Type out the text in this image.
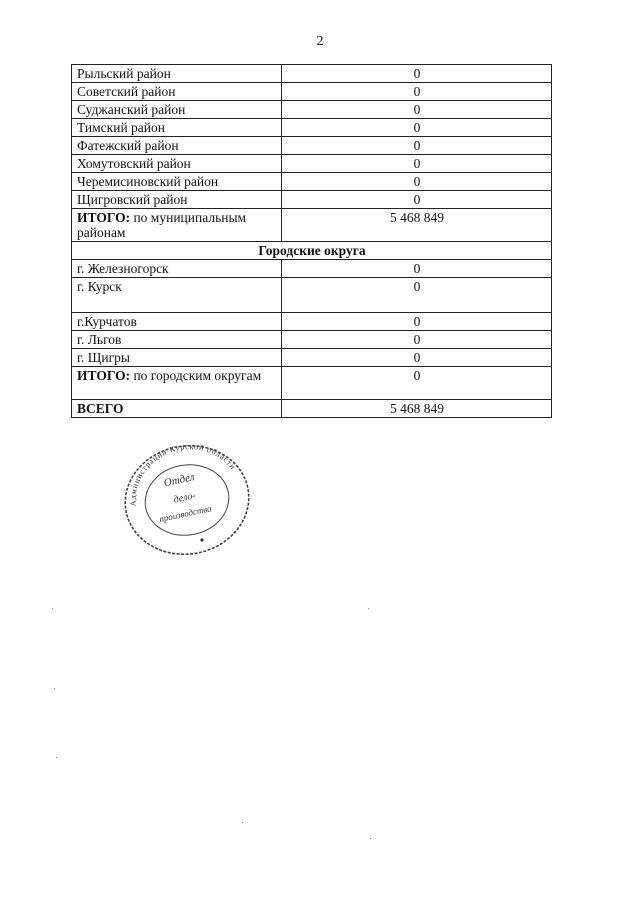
2
Рыльский район	0
Советский район	0
Суджанский район	0
Тимский район	0
Фатежский район	0
Хомутовский район	0
Черемисиновский район	0
Щигровский район	0
ИТОГО: по муниципальным районам	5 468 849
Городские округа	
г. Железногорск	0
г. Курск	0
г.Курчатов	0
г. Льгов	0
г. Щигры	0
ИТОГО: по городским округам	0
ВСЕГО	5 468 849
Администрации Курской области
Отдел
дело-
производства
